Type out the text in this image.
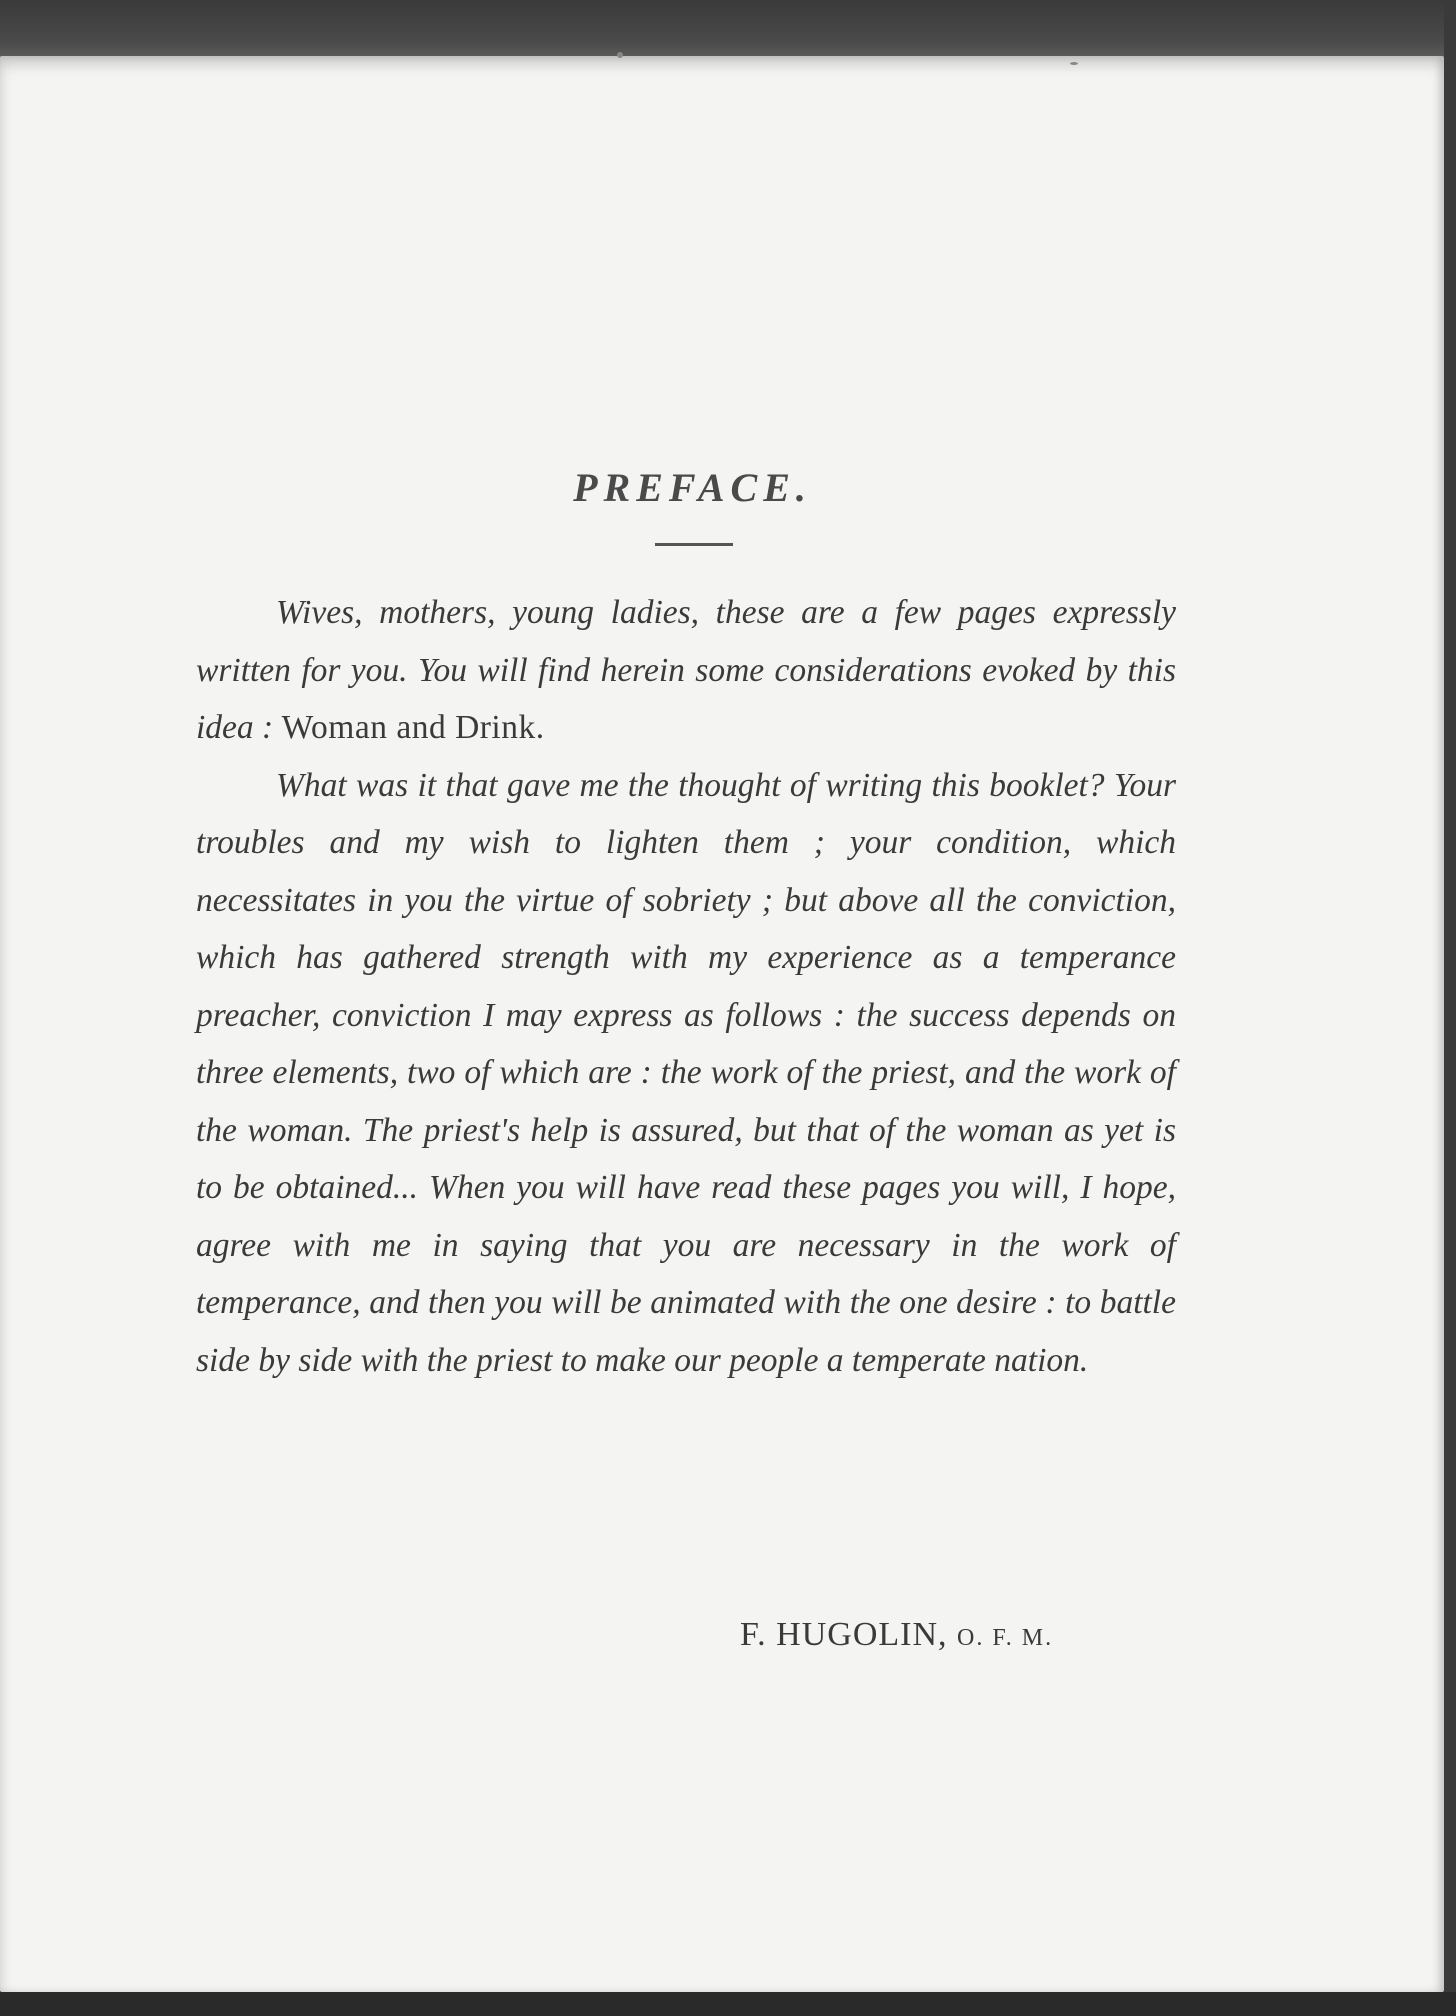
PREFACE.

Wives, mothers, young ladies, these are a few pages expressly written for you. You will find herein some considerations evoked by this idea : Woman and Drink.

What was it that gave me the thought of writing this booklet? Your troubles and my wish to lighten them ; your condition, which necessitates in you the virtue of sobriety ; but above all the conviction, which has gathered strength with my experience as a temperance preacher, conviction I may express as follows : the success depends on three elements, two of which are : the work of the priest, and the work of the woman. The priest's help is assured, but that of the woman as yet is to be obtained... When you will have read these pages you will, I hope, agree with me in saying that you are necessary in the work of temperance, and then you will be animated with the one desire : to battle side by side with the priest to make our people a temperate nation.

F. HUGOLIN, O. F. M.
